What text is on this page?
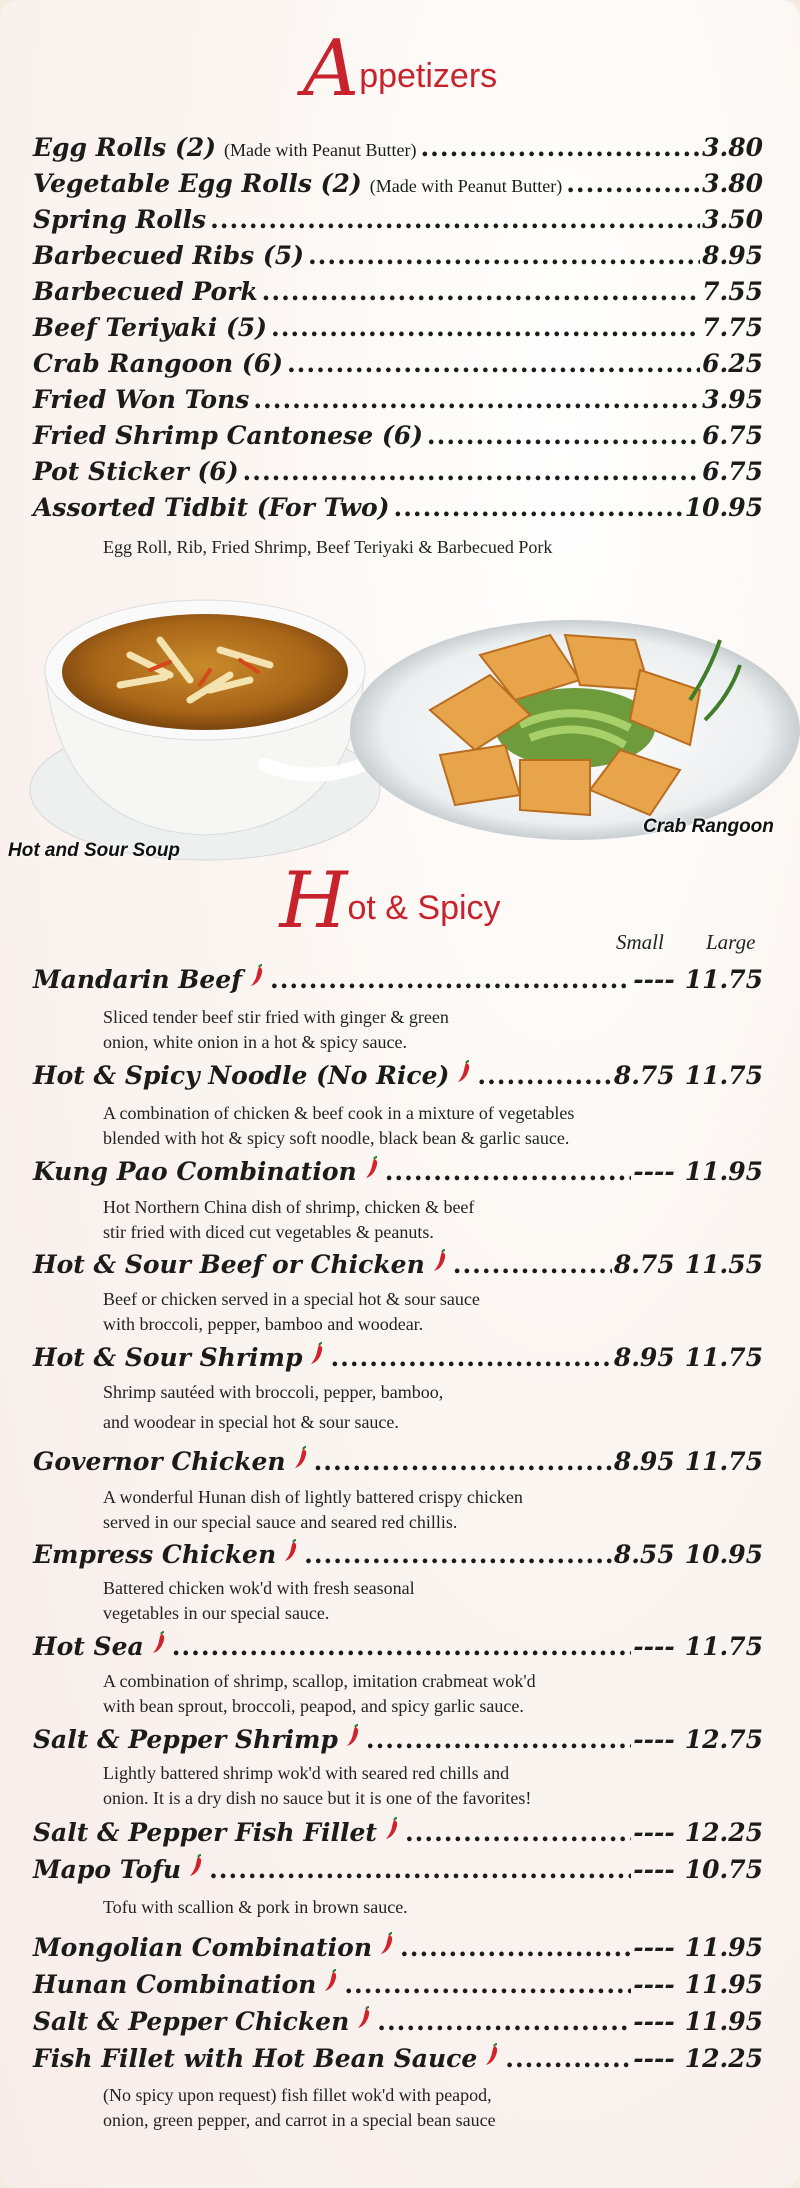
Appetizers
Egg Rolls (2) (Made with Peanut Butter) .....	3.80
Vegetable Egg Rolls (2) (Made with Peanut Butter) .....	3.80
Spring Rolls .....	3.50
Barbecued Ribs (5) .....	8.95
Barbecued Pork .....	7.55
Beef Teriyaki (5) .....	7.75
Crab Rangoon (6) .....	6.25
Fried Won Tons .....	3.95
Fried Shrimp Cantonese (6) .....	6.75
Pot Sticker (6) .....	6.75
Assorted Tidbit (For Two) .....	10.95
Egg Roll, Rib, Fried Shrimp, Beef Teriyaki & Barbecued Pork
Hot and Sour Soup
Crab Rangoon
Hot & Spicy
Small Large
Mandarin Beef .....	---- 11.75
Hot & Spicy Noodle (No Rice) .....	8.75 11.75
Kung Pao Combination .....	---- 11.95
Hot & Sour Beef or Chicken .....	8.75 11.55
Hot & Sour Shrimp .....	8.95 11.75
Governor Chicken .....	8.95 11.75
Empress Chicken .....	8.55 10.95
Hot Sea .....	---- 11.75
Salt & Pepper Shrimp .....	---- 12.75
Salt & Pepper Fish Fillet .....	---- 12.25
Mapo Tofu .....	---- 10.75
Mongolian Combination .....	---- 11.95
Hunan Combination .....	---- 11.95
Salt & Pepper Chicken .....	---- 11.95
Fish Fillet with Hot Bean Sauce .....	---- 12.25
Sliced tender beef stir fried with ginger & green
onion, white onion in a hot & spicy sauce.
A combination of chicken & beef cook in a mixture of vegetables
blended with hot & spicy soft noodle, black bean & garlic sauce.
Hot Northern China dish of shrimp, chicken & beef
stir fried with diced cut vegetables & peanuts.
Beef or chicken served in a special hot & sour sauce
with broccoli, pepper, bamboo and woodear.
Shrimp sautéed with broccoli, pepper, bamboo,
and woodear in special hot & sour sauce.
A wonderful Hunan dish of lightly battered crispy chicken
served in our special sauce and seared red chillis.
Battered chicken wok'd with fresh seasonal
vegetables in our special sauce.
A combination of shrimp, scallop, imitation crabmeat wok'd
with bean sprout, broccoli, peapod, and spicy garlic sauce.
Lightly battered shrimp wok'd with seared red chills and
onion. It is a dry dish no sauce but it is one of the favorites!
Tofu with scallion & pork in brown sauce.
(No spicy upon request) fish fillet wok'd with peapod,
onion, green pepper, and carrot in a special bean sauce
